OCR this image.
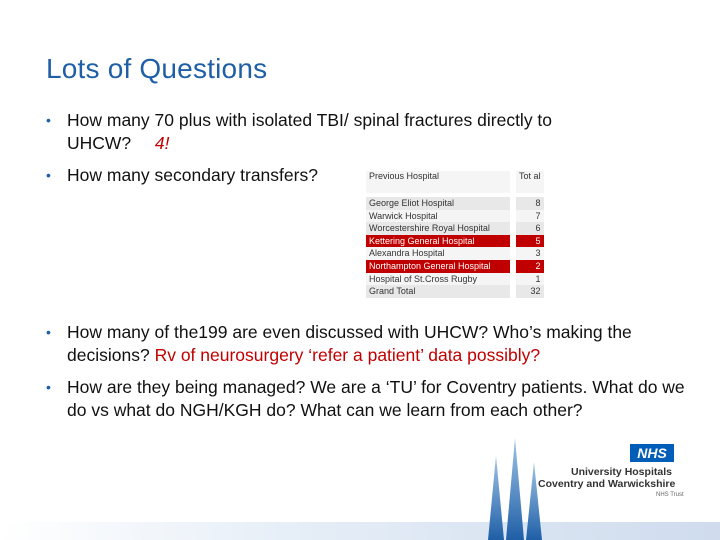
Lots of Questions
• How many 70 plus with isolated TBI/ spinal fractures directly to
UHCW? 4!
• How many secondary transfers?	Previous Hospital	Tot al

George Eliot Hospital	8
Warwick Hospital	7
Worcestershire Royal Hospital	6
Kettering General Hospital	5
Alexandra Hospital	3
Northampton General Hospital	2
Hospital of St.Cross Rugby	1
Grand Total	32
• How many of the199 are even discussed with UHCW? Who’s making the decisions? Rv of neurosurgery ‘refer a patient’ data possibly?
• How are they being managed? We are a ‘TU’ for Coventry patients. What do we do vs what do NGH/KGH do? What can we learn from each other?
NHS
University Hospitals
Coventry and Warwickshire
NHS Trust
